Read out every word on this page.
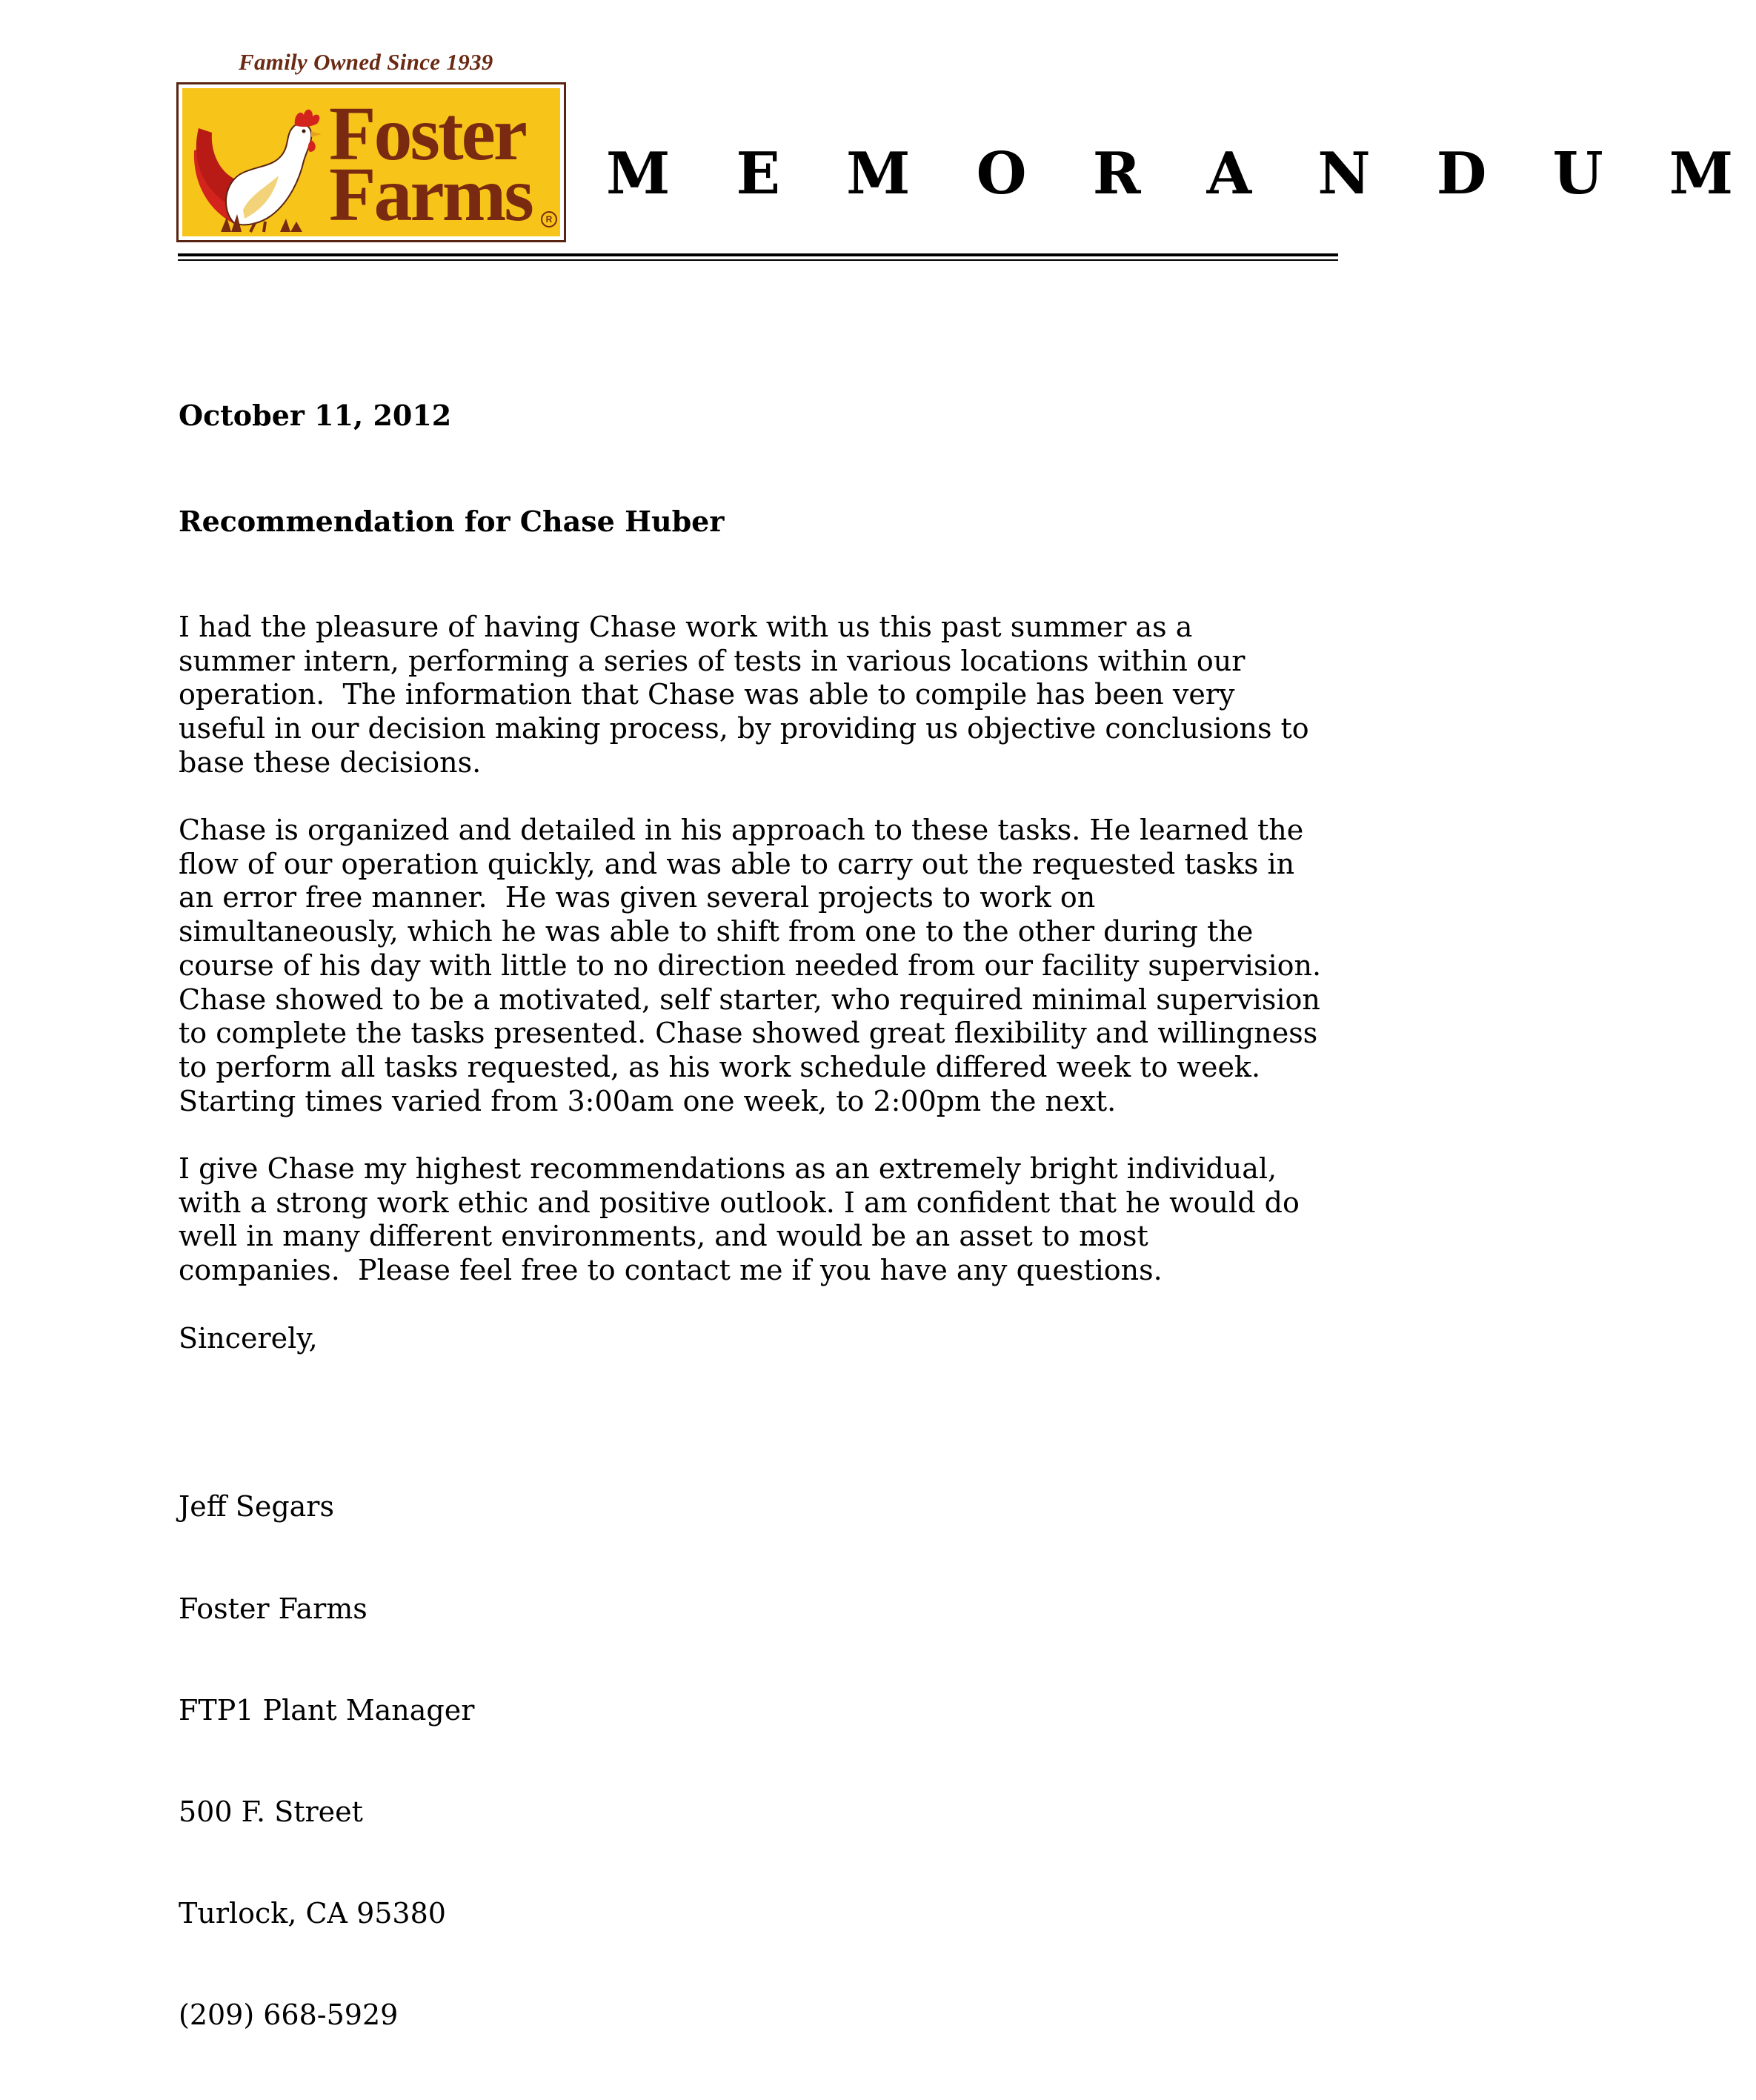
Family Owned Since 1939
Foster
Farms	R
M E M O R A N D U M
October 11, 2012
Recommendation for Chase Huber
I had the pleasure of having Chase work with us this past summer as a
summer intern, performing a series of tests in various locations within our
operation.  The information that Chase was able to compile has been very
useful in our decision making process, by providing us objective conclusions to
base these decisions.
Chase is organized and detailed in his approach to these tasks. He learned the
flow of our operation quickly, and was able to carry out the requested tasks in
an error free manner.  He was given several projects to work on
simultaneously, which he was able to shift from one to the other during the
course of his day with little to no direction needed from our facility supervision.
Chase showed to be a motivated, self starter, who required minimal supervision
to complete the tasks presented. Chase showed great flexibility and willingness
to perform all tasks requested, as his work schedule differed week to week.
Starting times varied from 3:00am one week, to 2:00pm the next.
I give Chase my highest recommendations as an extremely bright individual,
with a strong work ethic and positive outlook. I am confident that he would do
well in many different environments, and would be an asset to most
companies.  Please feel free to contact me if you have any questions.
Sincerely,

Jeff Segars

Foster Farms

FTP1 Plant Manager

500 F. Street

Turlock, CA 95380

(209) 668-5929
